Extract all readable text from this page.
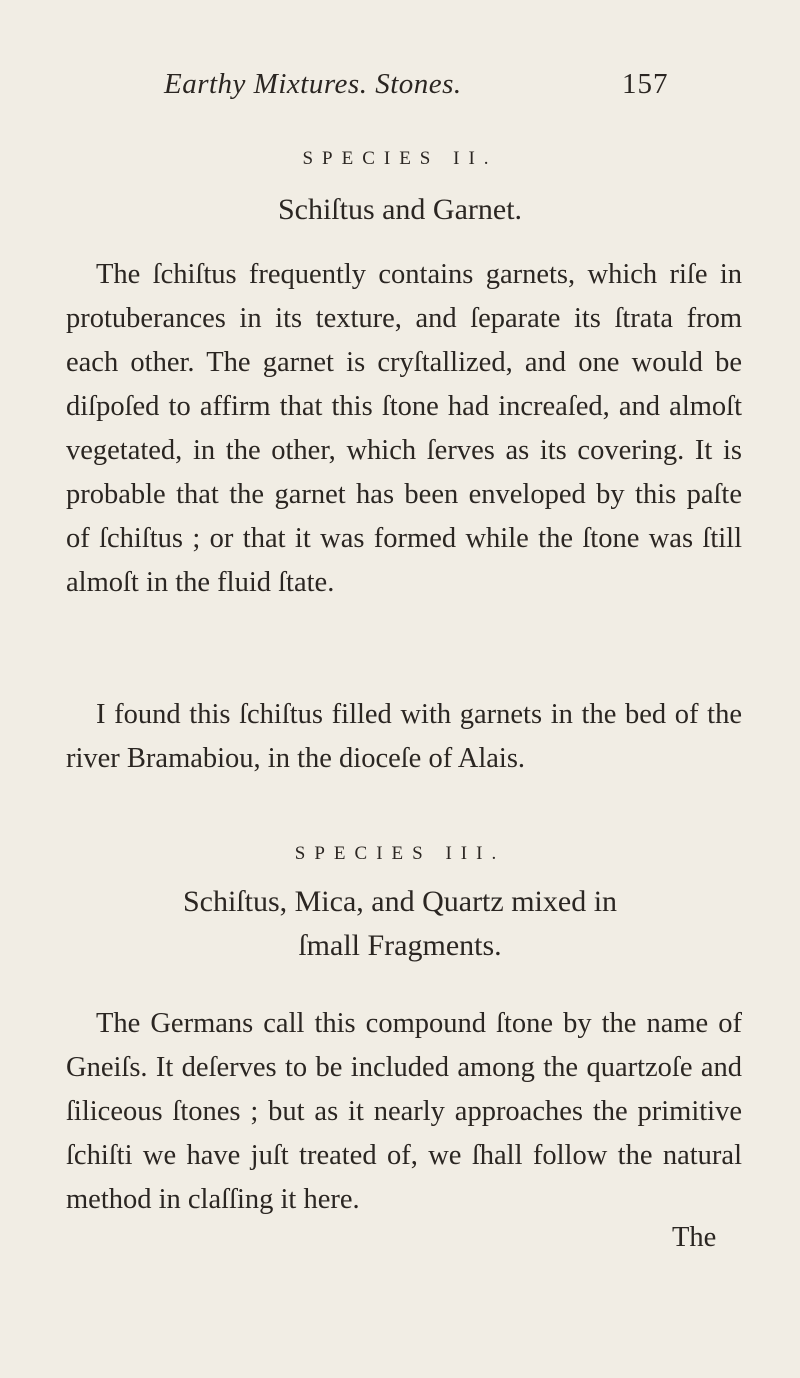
Earthy Mixtures. Stones.	157
SPECIES II.
Schiſtus and Garnet.
The ſchiſtus frequently contains garnets, which riſe in protuberances in its texture, and ſeparate its ſtrata from each other. The garnet is cryſtallized, and one would be diſpoſed to affirm that this ſtone had increaſed, and almoſt vegetated, in the other, which ſerves as its covering. It is probable that the garnet has been enveloped by this paſte of ſchiſtus ; or that it was formed while the ſtone was ſtill almoſt in the fluid ſtate.
I found this ſchiſtus filled with garnets in the bed of the river Bramabiou, in the dioceſe of Alais.
SPECIES III.
Schiſtus, Mica, and Quartz mixed in ſmall Fragments.
The Germans call this compound ſtone by the name of Gneiſs. It deſerves to be included among the quartzoſe and ſiliceous ſtones ; but as it nearly approaches the primitive ſchiſti we have juſt treated of, we ſhall follow the natural method in claſſing it here.
The
